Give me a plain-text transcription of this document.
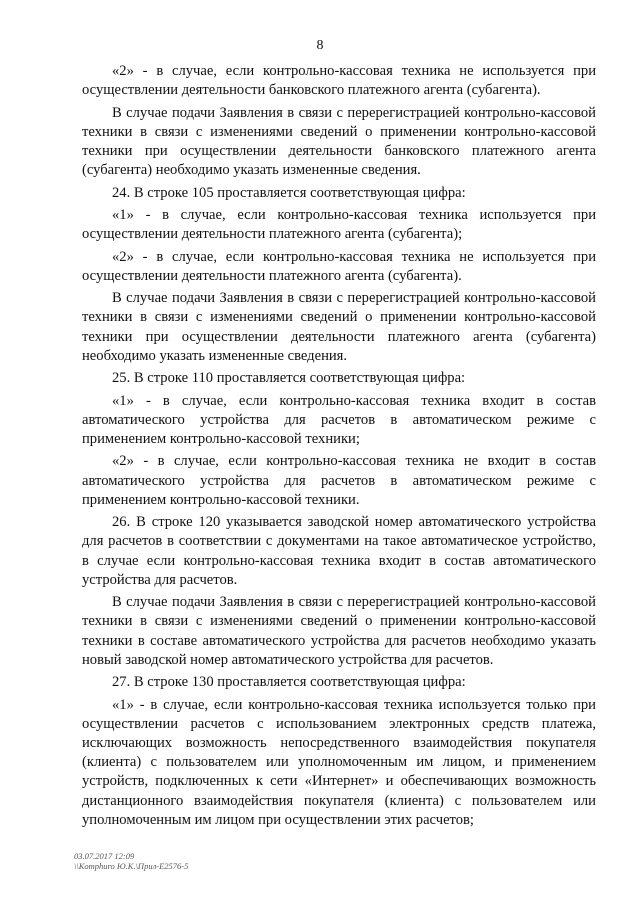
8

«2» - в случае, если контрольно-кассовая техника не используется при осуществлении деятельности банковского платежного агента (субагента).

В случае подачи Заявления в связи с перерегистрацией контрольно-кассовой техники в связи с изменениями сведений о применении контрольно-кассовой техники при осуществлении деятельности банковского платежного агента (субагента) необходимо указать измененные сведения.

24. В строке 105 проставляется соответствующая цифра:

«1» - в случае, если контрольно-кассовая техника используется при осуществлении деятельности платежного агента (субагента);

«2» - в случае, если контрольно-кассовая техника не используется при осуществлении деятельности платежного агента (субагента).

В случае подачи Заявления в связи с перерегистрацией контрольно-кассовой техники в связи с изменениями сведений о применении контрольно-кассовой техники при осуществлении деятельности платежного агента (субагента) необходимо указать измененные сведения.

25. В строке 110 проставляется соответствующая цифра:

«1» - в случае, если контрольно-кассовая техника входит в состав автоматического устройства для расчетов в автоматическом режиме с применением контрольно-кассовой техники;

«2» - в случае, если контрольно-кассовая техника не входит в состав автоматического устройства для расчетов в автоматическом режиме с применением контрольно-кассовой техники.

26. В строке 120 указывается заводской номер автоматического устройства для расчетов в соответствии с документами на такое автоматическое устройство, в случае если контрольно-кассовая техника входит в состав автоматического устройства для расчетов.

В случае подачи Заявления в связи с перерегистрацией контрольно-кассовой техники в связи с изменениями сведений о применении контрольно-кассовой техники в составе автоматического устройства для расчетов необходимо указать новый заводской номер автоматического устройства для расчетов.

27. В строке 130 проставляется соответствующая цифра:

«1» - в случае, если контрольно-кассовая техника используется только при осуществлении расчетов с использованием электронных средств платежа, исключающих возможность непосредственного взаимодействия покупателя (клиента) с пользователем или уполномоченным им лицом, и применением устройств, подключенных к сети «Интернет» и обеспечивающих возможность дистанционного взаимодействия покупателя (клиента) с пользователем или уполномоченным им лицом при осуществлении этих расчетов;

03.07.2017 12:09
\\Komphuro Ю.К.\Прил-Е2576-5
